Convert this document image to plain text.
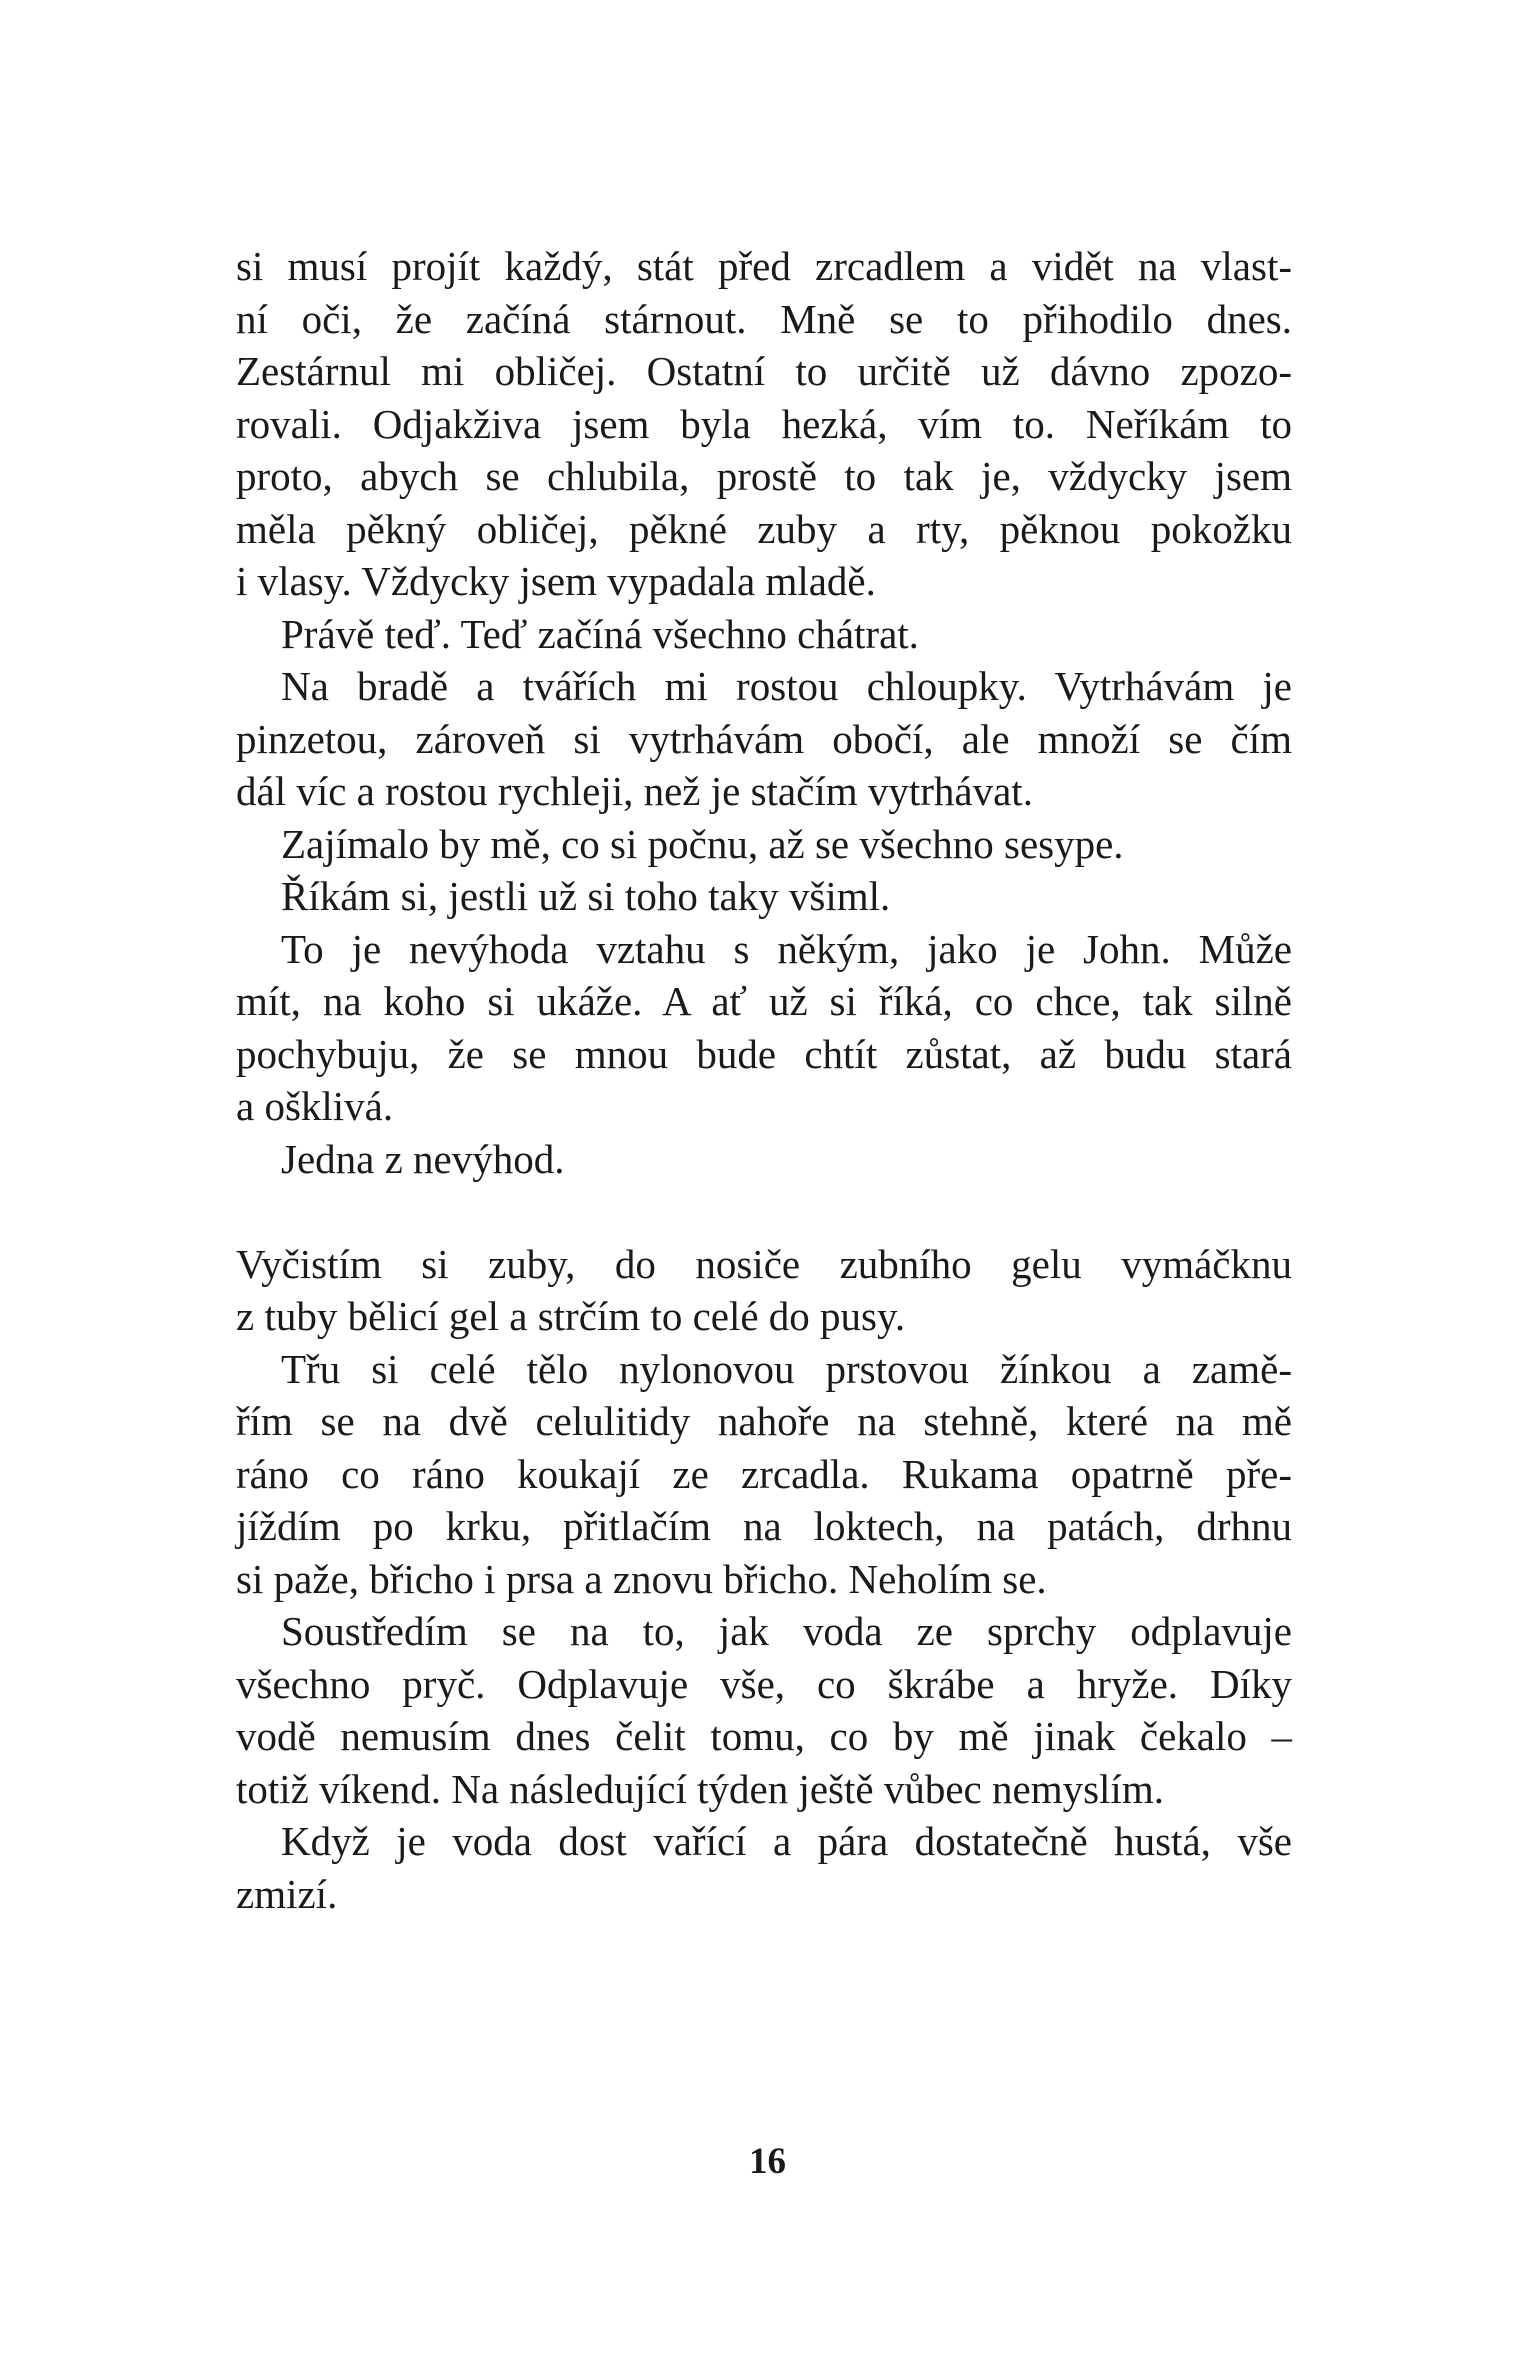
si musí projít každý, stát před zrcadlem a vidět na vlast-
ní oči, že začíná stárnout. Mně se to přihodilo dnes.
Zestárnul mi obličej. Ostatní to určitě už dávno zpozo-
rovali. Odjakživa jsem byla hezká, vím to. Neříkám to
proto, abych se chlubila, prostě to tak je, vždycky jsem
měla pěkný obličej, pěkné zuby a rty, pěknou pokožku
i vlasy. Vždycky jsem vypadala mladě.
Právě teď. Teď začíná všechno chátrat.
Na bradě a tvářích mi rostou chloupky. Vytrhávám je
pinzetou, zároveň si vytrhávám obočí, ale množí se čím
dál víc a rostou rychleji, než je stačím vytrhávat.
Zajímalo by mě, co si počnu, až se všechno sesype.
Říkám si, jestli už si toho taky všiml.
To je nevýhoda vztahu s někým, jako je John. Může
mít, na koho si ukáže. A ať už si říká, co chce, tak silně
pochybuju, že se mnou bude chtít zůstat, až budu stará
a ošklivá.
Jedna z nevýhod.
Vyčistím si zuby, do nosiče zubního gelu vymáčknu
z tuby bělicí gel a strčím to celé do pusy.
Třu si celé tělo nylonovou prstovou žínkou a zamě-
řím se na dvě celulitidy nahoře na stehně, které na mě
ráno co ráno koukají ze zrcadla. Rukama opatrně pře-
jíždím po krku, přitlačím na loktech, na patách, drhnu
si paže, břicho i prsa a znovu břicho. Neholím se.
Soustředím se na to, jak voda ze sprchy odplavuje
všechno pryč. Odplavuje vše, co škrábe a hryže. Díky
vodě nemusím dnes čelit tomu, co by mě jinak čekalo –
totiž víkend. Na následující týden ještě vůbec nemyslím.
Když je voda dost vařící a pára dostatečně hustá, vše
zmizí.
16
